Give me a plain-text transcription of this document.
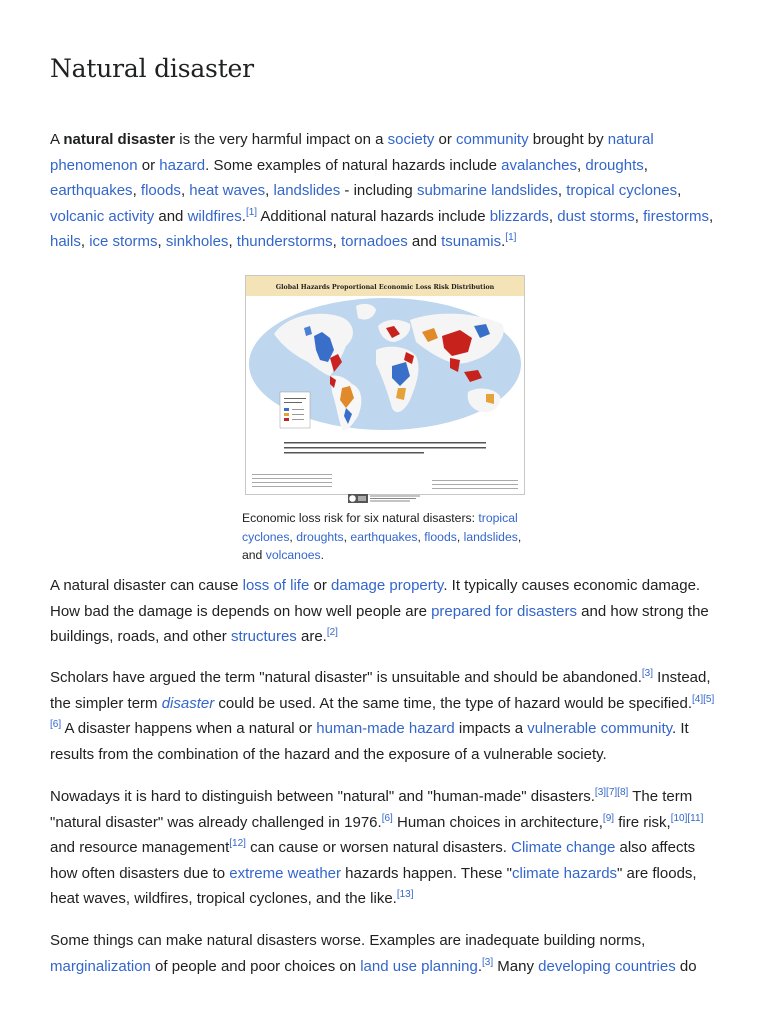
Natural disaster

A natural disaster is the very harmful impact on a society or community brought by natural phenomenon or hazard. Some examples of natural hazards include avalanches, droughts, earthquakes, floods, heat waves, landslides - including submarine landslides, tropical cyclones, volcanic activity and wildfires.[1] Additional natural hazards include blizzards, dust storms, firestorms, hails, ice storms, sinkholes, thunderstorms, tornadoes and tsunamis.[1]

Global Hazards Proportional Economic Loss Risk Distribution
Economic loss risk for six natural disasters: tropical cyclones, droughts, earthquakes, floods, landslides, and volcanoes.

A natural disaster can cause loss of life or damage property. It typically causes economic damage. How bad the damage is depends on how well people are prepared for disasters and how strong the buildings, roads, and other structures are.[2]

Scholars have argued the term "natural disaster" is unsuitable and should be abandoned.[3] Instead, the simpler term disaster could be used. At the same time, the type of hazard would be specified.[4][5][6] A disaster happens when a natural or human-made hazard impacts a vulnerable community. It results from the combination of the hazard and the exposure of a vulnerable society.

Nowadays it is hard to distinguish between "natural" and "human-made" disasters.[3][7][8] The term "natural disaster" was already challenged in 1976.[6] Human choices in architecture,[9] fire risk,[10][11] and resource management[12] can cause or worsen natural disasters. Climate change also affects how often disasters due to extreme weather hazards happen. These "climate hazards" are floods, heat waves, wildfires, tropical cyclones, and the like.[13]

Some things can make natural disasters worse. Examples are inadequate building norms, marginalization of people and poor choices on land use planning.[3] Many developing countries do
